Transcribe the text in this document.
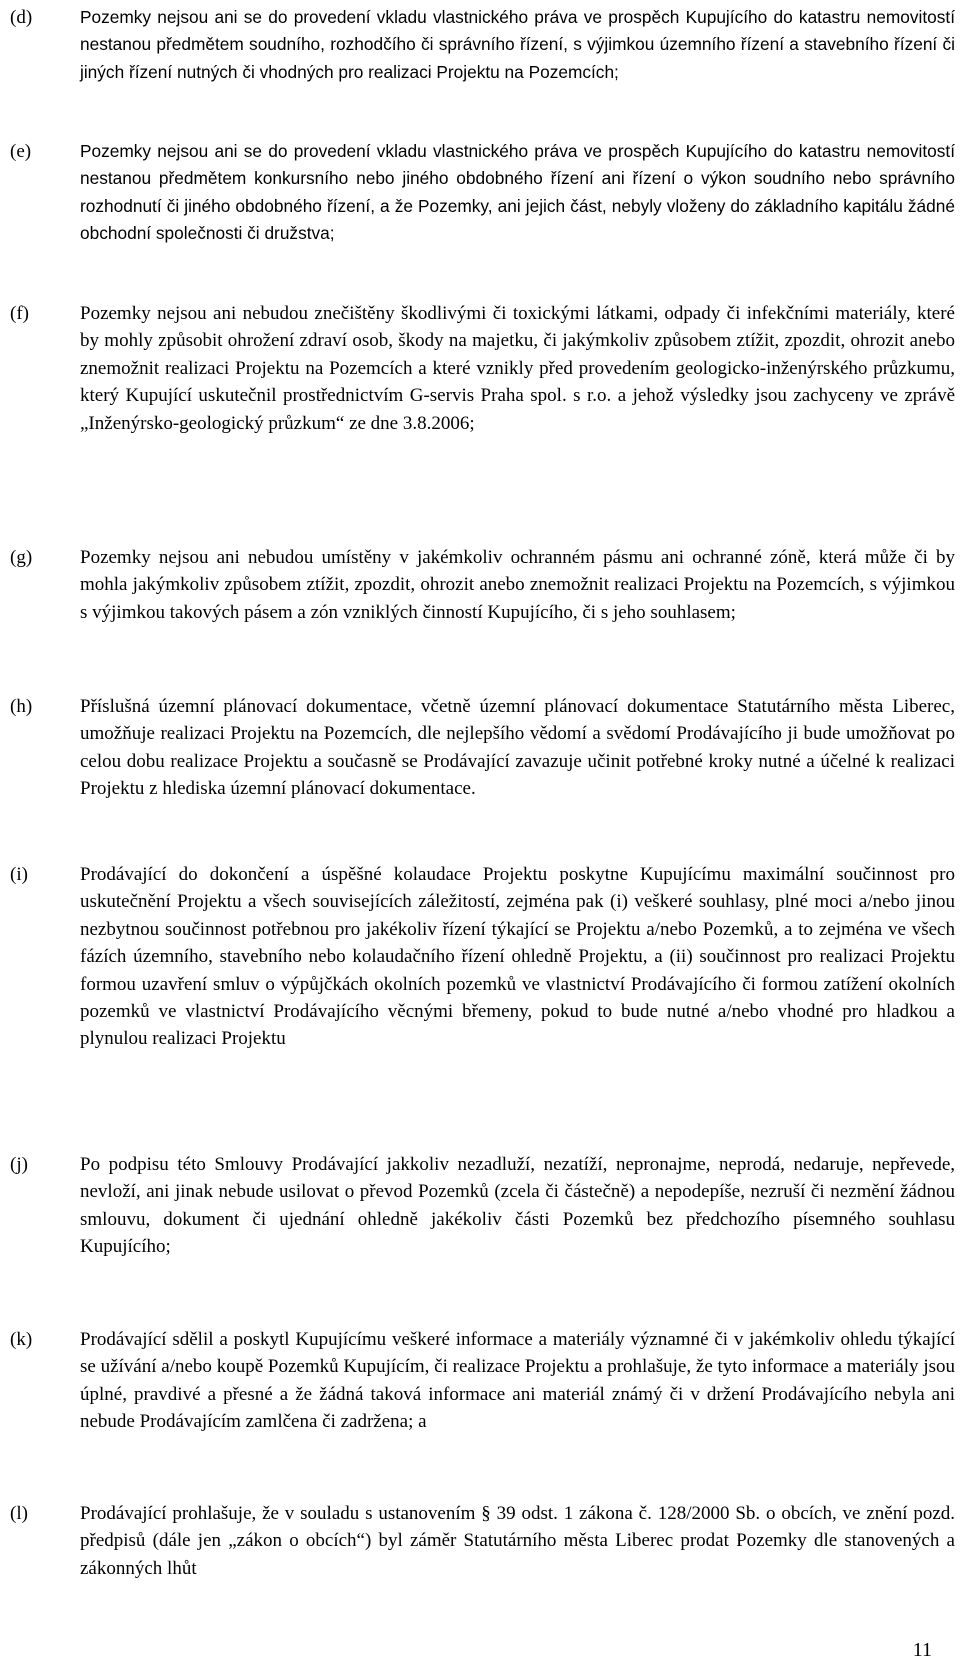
(d)	Pozemky nejsou ani se do provedení vkladu vlastnického práva ve prospěch Kupujícího do katastru nemovitostí nestanou předmětem soudního, rozhodčího či správního řízení, s výjimkou územního řízení a stavebního řízení či jiných řízení nutných či vhodných pro realizaci Projektu na Pozemcích;

(e)	Pozemky nejsou ani se do provedení vkladu vlastnického práva ve prospěch Kupujícího do katastru nemovitostí nestanou předmětem konkursního nebo jiného obdobného řízení ani řízení o výkon soudního nebo správního rozhodnutí či jiného obdobného řízení, a že Pozemky, ani jejich část, nebyly vloženy do základního kapitálu žádné obchodní společnosti či družstva;

(f)	Pozemky nejsou ani nebudou znečištěny škodlivými či toxickými látkami, odpady či infekčními materiály, které by mohly způsobit ohrožení zdraví osob, škody na majetku, či jakýmkoliv způsobem ztížit, zpozdit, ohrozit anebo znemožnit realizaci Projektu na Pozemcích a které vznikly před provedením geologicko-inženýrského průzkumu, který Kupující uskutečnil prostřednictvím G-servis Praha spol. s r.o. a jehož výsledky jsou zachyceny ve zprávě „Inženýrsko-geologický průzkum“ ze dne 3.8.2006;

(g)	Pozemky nejsou ani nebudou umístěny v jakémkoliv ochranném pásmu ani ochranné zóně, která může či by mohla jakýmkoliv způsobem ztížit, zpozdit, ohrozit anebo znemožnit realizaci Projektu na Pozemcích, s výjimkou s výjimkou takových pásem a zón vzniklých činností Kupujícího, či s jeho souhlasem;

(h)	Příslušná územní plánovací dokumentace, včetně územní plánovací dokumentace Statutárního města Liberec, umožňuje realizaci Projektu na Pozemcích, dle nejlepšího vědomí a svědomí Prodávajícího ji bude umožňovat po celou dobu realizace Projektu a současně se Prodávající zavazuje učinit potřebné kroky nutné a účelné k realizaci Projektu z hlediska územní plánovací dokumentace.

(i)	Prodávající do dokončení a úspěšné kolaudace Projektu poskytne Kupujícímu maximální součinnost pro uskutečnění Projektu a všech souvisejících záležitostí, zejména pak (i) veškeré souhlasy, plné moci a/nebo jinou nezbytnou součinnost potřebnou pro jakékoliv řízení týkající se Projektu a/nebo Pozemků, a to zejména ve všech fázích územního, stavebního nebo kolaudačního řízení ohledně Projektu, a (ii) součinnost pro realizaci Projektu formou uzavření smluv o výpůjčkách okolních pozemků ve vlastnictví Prodávajícího či formou zatížení okolních pozemků ve vlastnictví Prodávajícího věcnými břemeny, pokud to bude nutné a/nebo vhodné pro hladkou a plynulou realizaci Projektu

(j)	Po podpisu této Smlouvy Prodávající jakkoliv nezadluží, nezatíží, nepronajme, neprodá, nedaruje, nepřevede, nevloží, ani jinak nebude usilovat o převod Pozemků (zcela či částečně) a nepodepíše, nezruší či nezmění žádnou smlouvu, dokument či ujednání ohledně jakékoliv části Pozemků bez předchozího písemného souhlasu Kupujícího;

(k)	Prodávající sdělil a poskytl Kupujícímu veškeré informace a materiály významné či v jakémkoliv ohledu týkající se užívání a/nebo koupě Pozemků Kupujícím, či realizace Projektu a prohlašuje, že tyto informace a materiály jsou úplné, pravdivé a přesné a že žádná taková informace ani materiál známý či v držení Prodávajícího nebyla ani nebude Prodávajícím zamlčena či zadržena; a

(l)	Prodávající prohlašuje, že v souladu s ustanovením § 39 odst. 1 zákona č. 128/2000 Sb. o obcích, ve znění pozd. předpisů (dále jen „zákon o obcích“) byl záměr Statutárního města Liberec prodat Pozemky dle stanovených a zákonných lhůt

11
